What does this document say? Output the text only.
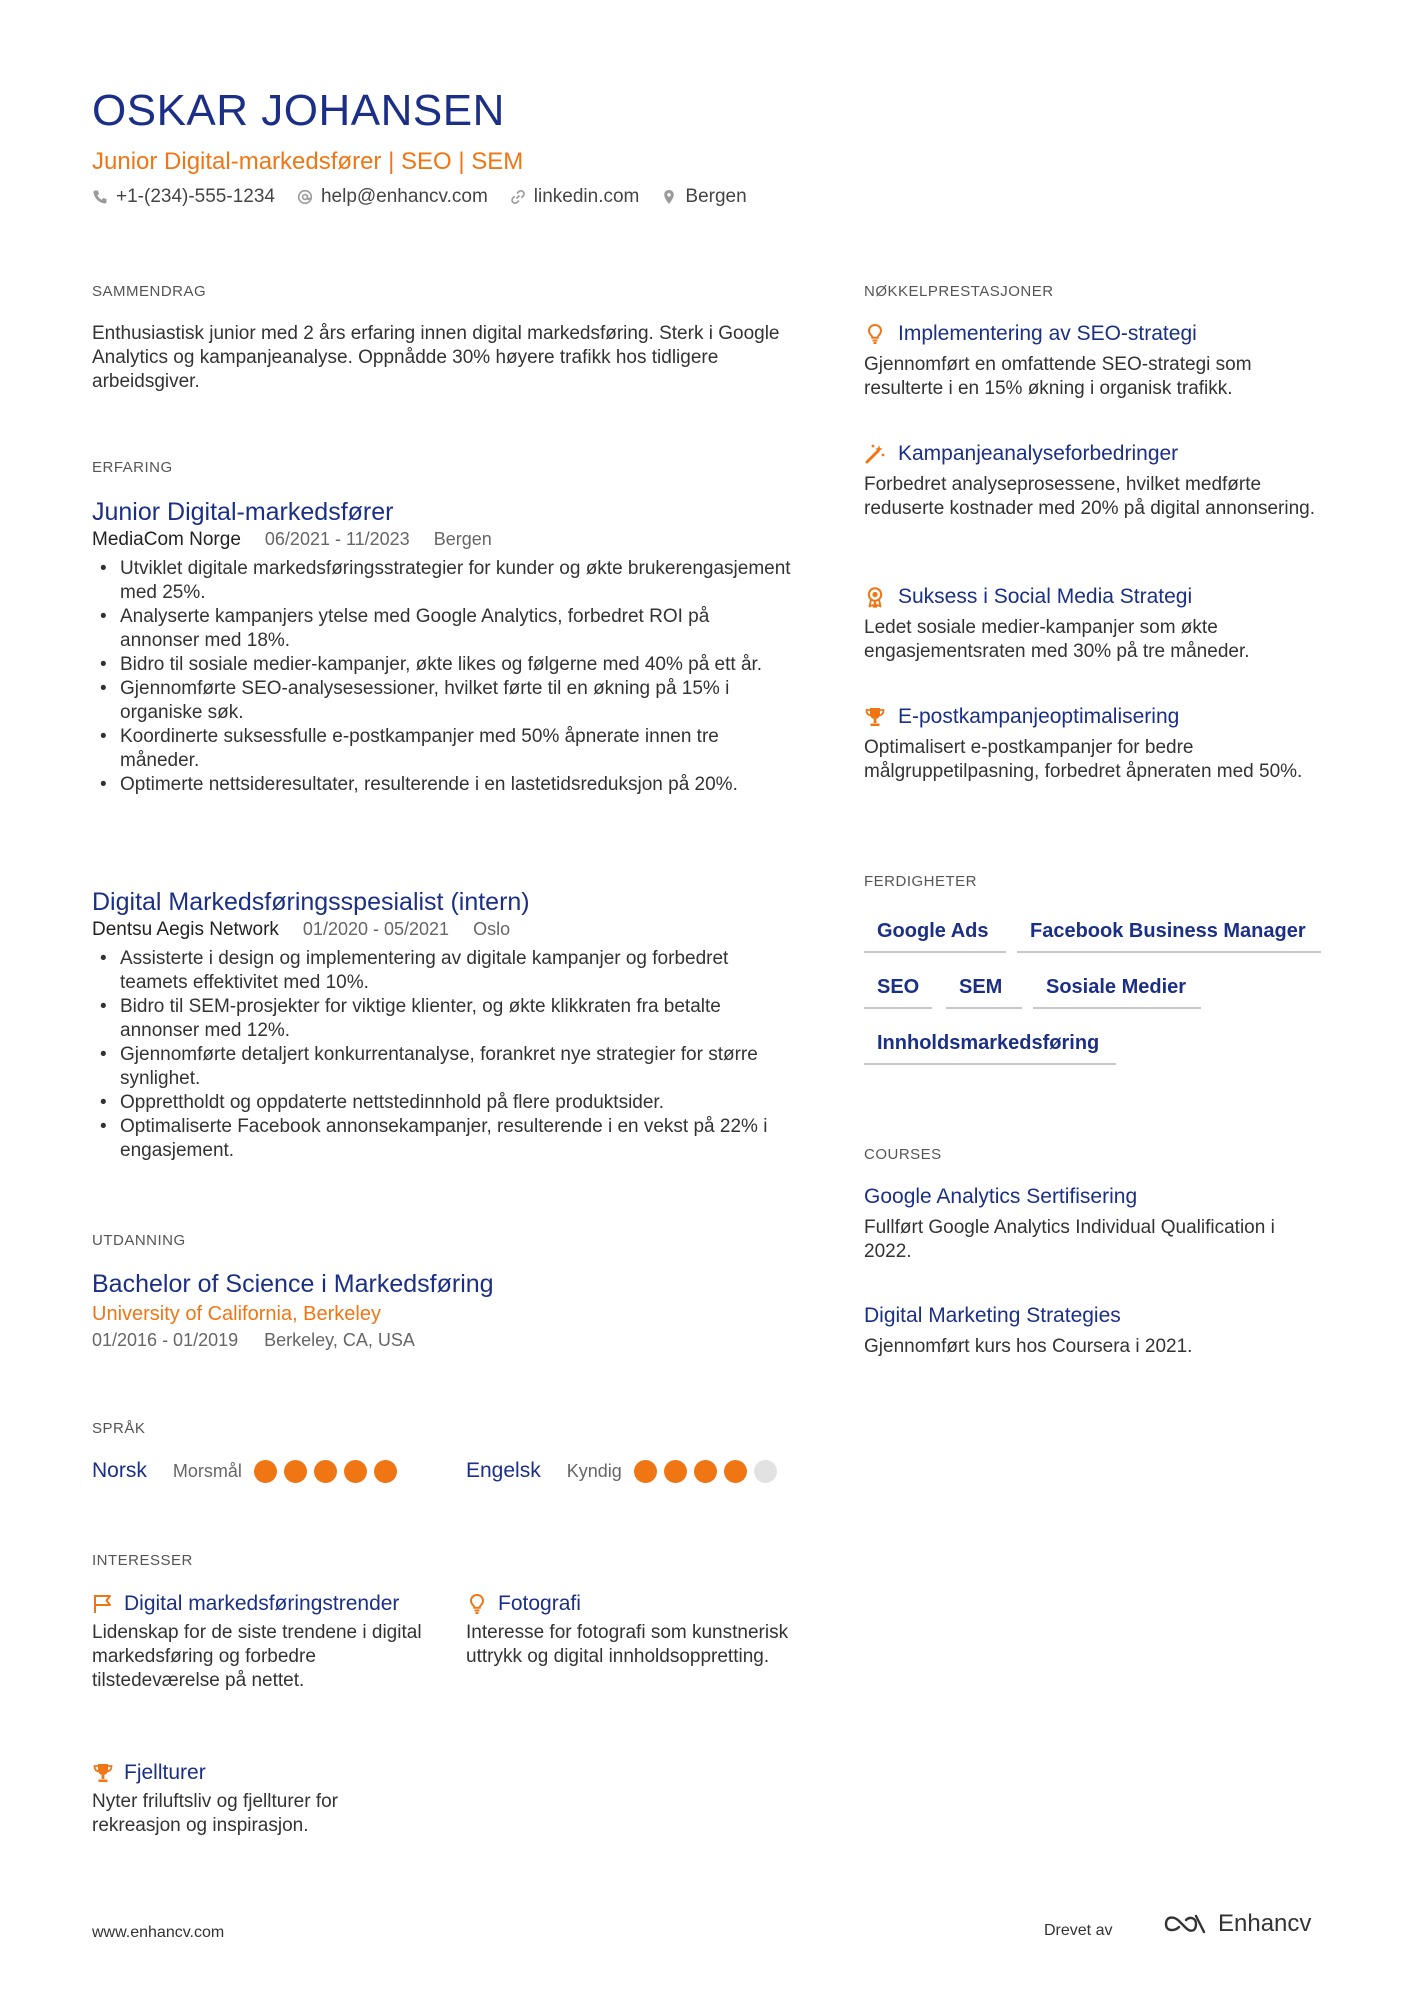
OSKAR JOHANSEN
Junior Digital-markedsfører | SEO | SEM
+1-(234)-555-1234 help@enhancv.com linkedin.com Bergen
SAMMENDRAG
Enthusiastisk junior med 2 års erfaring innen digital markedsføring. Sterk i Google Analytics og kampanjeanalyse. Oppnådde 30% høyere trafikk hos tidligere arbeidsgiver.
ERFARING
Junior Digital-markedsfører
MediaCom Norge 06/2021 - 11/2023 Bergen
• Utviklet digitale markedsføringsstrategier for kunder og økte brukerengasjement med 25%.
• Analyserte kampanjers ytelse med Google Analytics, forbedret ROI på annonser med 18%.
• Bidro til sosiale medier-kampanjer, økte likes og følgerne med 40% på ett år.
• Gjennomførte SEO-analysesessioner, hvilket førte til en økning på 15% i organiske søk.
• Koordinerte suksessfulle e-postkampanjer med 50% åpnerate innen tre måneder.
• Optimerte nettsideresultater, resulterende i en lastetidsreduksjon på 20%.
Digital Markedsføringsspesialist (intern)
Dentsu Aegis Network 01/2020 - 05/2021 Oslo
• Assisterte i design og implementering av digitale kampanjer og forbedret teamets effektivitet med 10%.
• Bidro til SEM-prosjekter for viktige klienter, og økte klikkraten fra betalte annonser med 12%.
• Gjennomførte detaljert konkurrentanalyse, forankret nye strategier for større synlighet.
• Opprettholdt og oppdaterte nettstedinnhold på flere produktsider.
• Optimaliserte Facebook annonsekampanjer, resulterende i en vekst på 22% i engasjement.
UTDANNING
Bachelor of Science i Markedsføring
University of California, Berkeley
01/2016 - 01/2019 Berkeley, CA, USA
SPRÅK
Norsk Morsmål	Engelsk Kyndig
INTERESSER
Digital markedsføringstrender
Lidenskap for de siste trendene i digital markedsføring og forbedre tilstedeværelse på nettet.
Fotografi
Interesse for fotografi som kunstnerisk uttrykk og digital innholdsoppretting.
Fjellturer
Nyter friluftsliv og fjellturer for rekreasjon og inspirasjon.
NØKKELPRESTASJONER
Implementering av SEO-strategi
Gjennomført en omfattende SEO-strategi som resulterte i en 15% økning i organisk trafikk.
Kampanjeanalyseforbedringer
Forbedret analyseprosessene, hvilket medførte reduserte kostnader med 20% på digital annonsering.
Suksess i Social Media Strategi
Ledet sosiale medier-kampanjer som økte engasjementsraten med 30% på tre måneder.
E-postkampanjeoptimalisering
Optimalisert e-postkampanjer for bedre målgruppetilpasning, forbedret åpneraten med 50%.
FERDIGHETER
Google Ads	Facebook Business Manager
SEO	SEM	Sosiale Medier
Innholdsmarkedsføring
COURSES
Google Analytics Sertifisering
Fullført Google Analytics Individual Qualification i 2022.
Digital Marketing Strategies
Gjennomført kurs hos Coursera i 2021.
www.enhancv.com	Drevet av	Enhancv
